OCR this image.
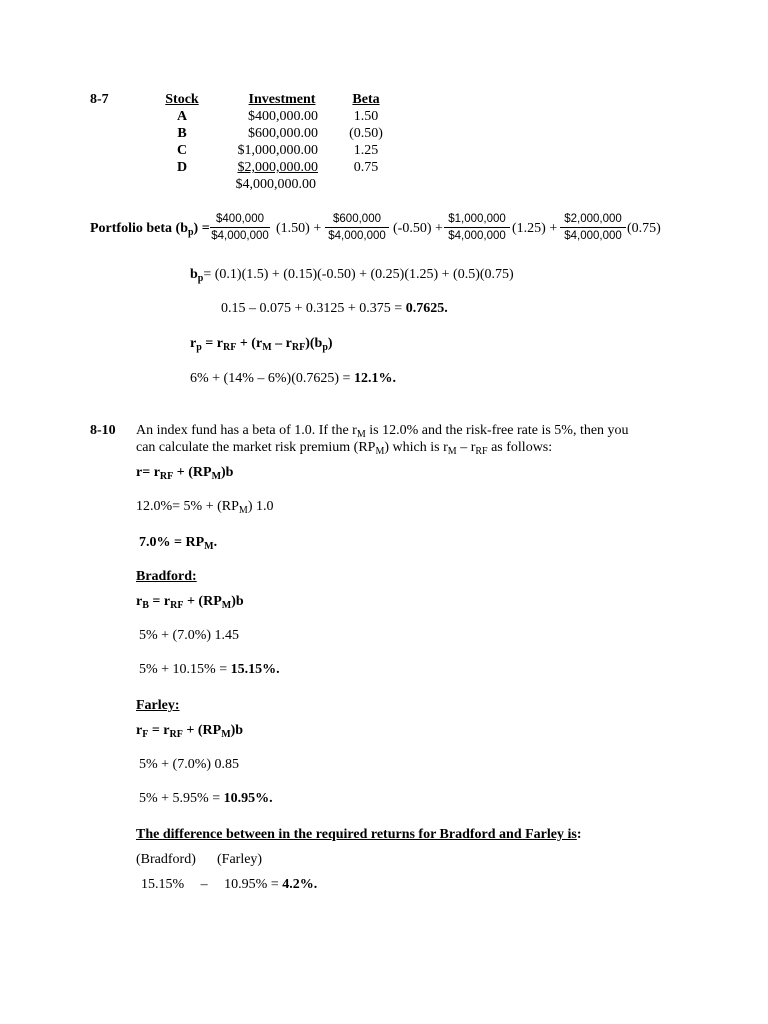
8-7	Stock	Investment	Beta
A	$400,000.00	1.50
B	$600,000.00	(0.50)
C	$1,000,000.00	1.25
D	$2,000,000.00	0.75
$4,000,000.00
Portfolio beta $(b_p) = \frac{\$400,000}{\$4,000,000} (1.50) + \frac{\$600,000}{\$4,000,000} (-0.50) + \frac{\$1,000,000}{\$4,000,000} (1.25) + \frac{\$2,000,000}{\$4,000,000} (0.75)$
$b_p= (0.1)(1.5) + (0.15)(-0.50) + (0.25)(1.25) + (0.5)(0.75)$
0.15 – 0.075 + 0.3125 + 0.375 = 0.7625.
$r_p = r_{RF} + (r_M - r_{RF})(b_p)$
6% + (14% – 6%)(0.7625) = 12.1%.
8-10 An index fund has a beta of 1.0. If the $r_M$ is 12.0% and the risk-free rate is 5%, then you
can calculate the market risk premium $(RP_M)$ which is $r_M - r_{RF}$ as follows:
$r= r_{RF} + (RP_M)b$
$12.0\%= 5\% + (RP_M)$ 1.0
$7.0\% = RP_M$.
Bradford:
$r_B = r_{RF} + (RP_M)b$
5% + (7.0%) 1.45
5% + 10.15% = 15.15%.
Farley:
$r_F = r_{RF} + (RP_M)b$
5% + (7.0%) 0.85
5% + 5.95% = 10.95%.
The difference between in the required returns for Bradford and Farley is:
(Bradford) (Farley)
15.15% – 10.95% = 4.2%.
